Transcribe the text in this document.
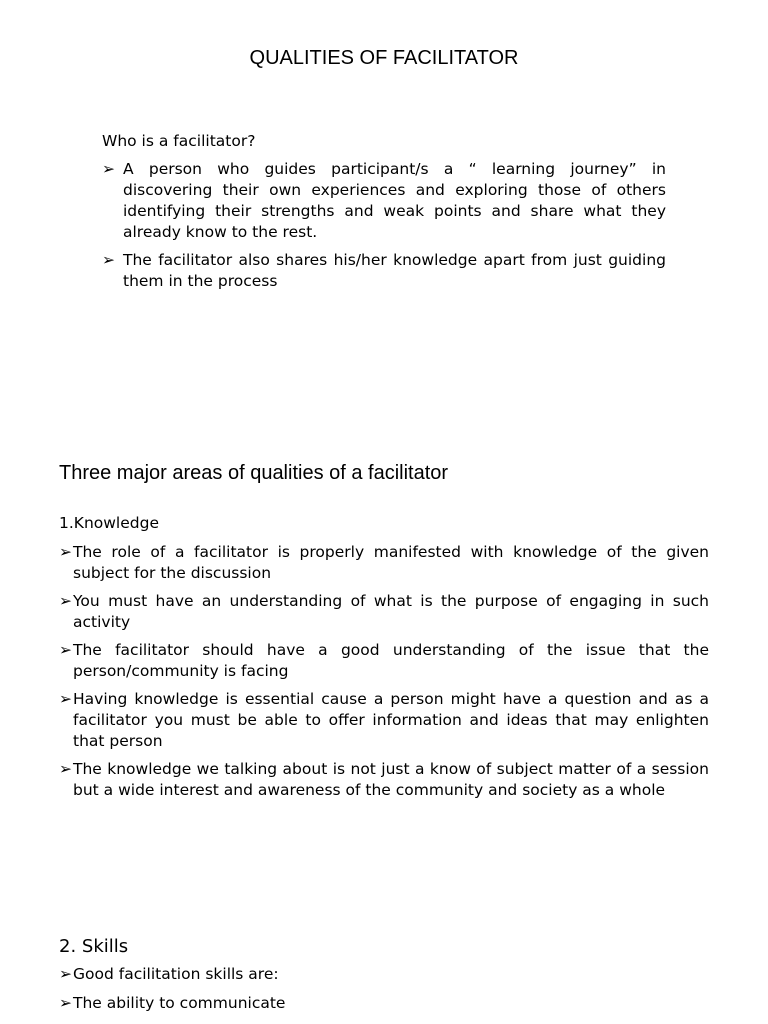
QUALITIES OF FACILITATOR

Who is a facilitator?

➢ A person who guides participant/s a “ learning journey” in discovering their own experiences and exploring those of others identifying their strengths and weak points and share what they already know to the rest.
➢ The facilitator also shares his/her knowledge apart from just guiding them in the process
Three major areas of qualities of a facilitator

1.Knowledge

➢ The role of a facilitator is properly manifested with knowledge of the given subject for the discussion
➢ You must have an understanding of what is the purpose of engaging in such activity
➢ The facilitator should have a good understanding of the issue that the person/community is facing
➢ Having knowledge is essential cause a person might have a question and as a facilitator you must be able to offer information and ideas that may enlighten that person
➢ The knowledge we talking about is not just a know of subject matter of a session but a wide interest and awareness of the community and society as a whole

2. Skills

➢ Good facilitation skills are:
➢ The ability to communicate
